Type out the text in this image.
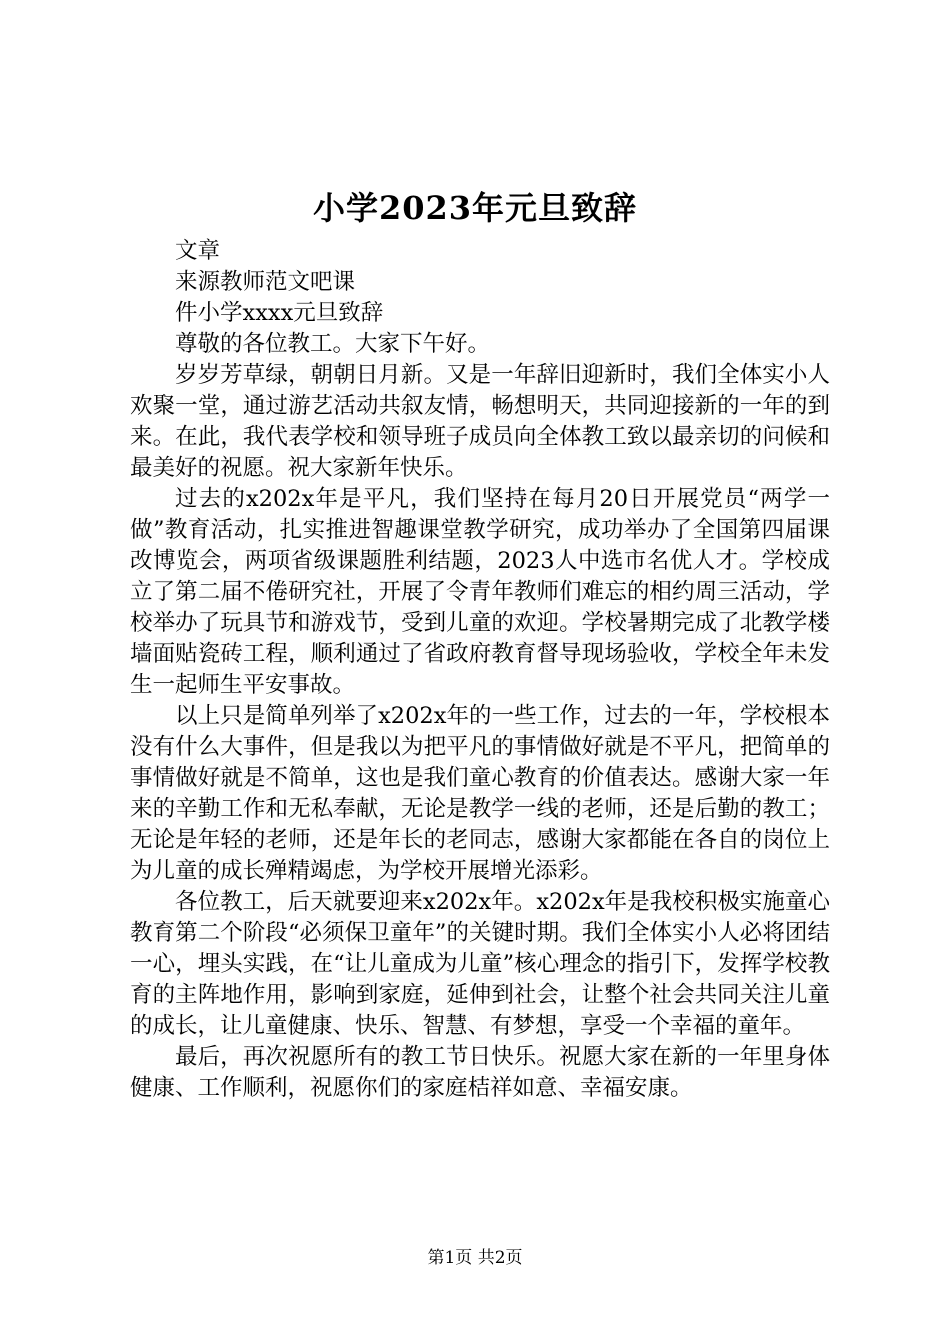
小学2023年元旦致辞

文章

来源教师范文吧课

件小学xxxx元旦致辞

尊敬的各位教工。大家下午好。

岁岁芳草绿，朝朝日月新。又是一年辞旧迎新时，我们全体实小人欢聚一堂，通过游艺活动共叙友情，畅想明天，共同迎接新的一年的到来。在此，我代表学校和领导班子成员向全体教工致以最亲切的问候和最美好的祝愿。祝大家新年快乐。

过去的x202x年是平凡，我们坚持在每月20日开展党员“两学一做”教育活动，扎实推进智趣课堂教学研究，成功举办了全国第四届课改博览会，两项省级课题胜利结题，2023人中选市名优人才。学校成立了第二届不倦研究社，开展了令青年教师们难忘的相约周三活动，学校举办了玩具节和游戏节，受到儿童的欢迎。学校暑期完成了北教学楼墙面贴瓷砖工程，顺利通过了省政府教育督导现场验收，学校全年未发生一起师生平安事故。

以上只是简单列举了x202x年的一些工作，过去的一年，学校根本没有什么大事件，但是我以为把平凡的事情做好就是不平凡，把简单的事情做好就是不简单，这也是我们童心教育的价值表达。感谢大家一年来的辛勤工作和无私奉献，无论是教学一线的老师，还是后勤的教工；无论是年轻的老师，还是年长的老同志，感谢大家都能在各自的岗位上为儿童的成长殚精竭虑，为学校开展增光添彩。

各位教工，后天就要迎来x202x年。x202x年是我校积极实施童心教育第二个阶段“必须保卫童年”的关键时期。我们全体实小人必将团结一心，埋头实践，在“让儿童成为儿童”核心理念的指引下，发挥学校教育的主阵地作用，影响到家庭，延伸到社会，让整个社会共同关注儿童的成长，让儿童健康、快乐、智慧、有梦想，享受一个幸福的童年。

最后，再次祝愿所有的教工节日快乐。祝愿大家在新的一年里身体健康、工作顺利，祝愿你们的家庭桔祥如意、幸福安康。

第1页 共2页
